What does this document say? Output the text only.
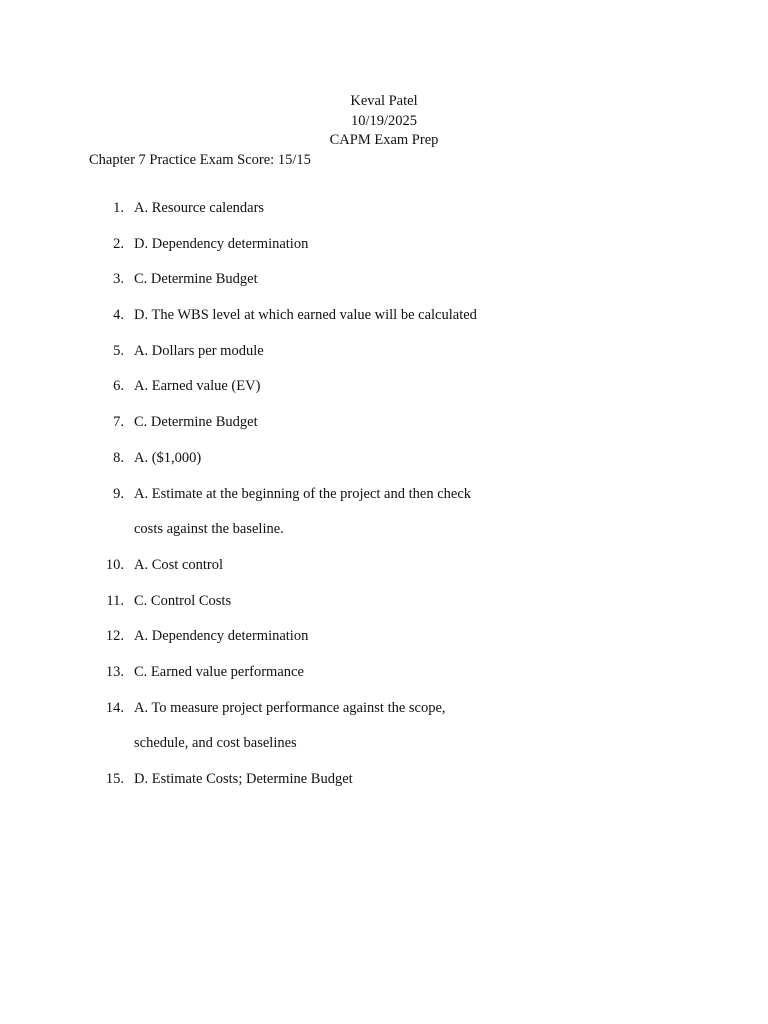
Keval Patel
10/19/2025
CAPM Exam Prep
Chapter 7 Practice Exam Score: 15/15
1. A. Resource calendars
2. D. Dependency determination
3. C. Determine Budget
4. D. The WBS level at which earned value will be calculated
5. A. Dollars per module
6. A. Earned value (EV)
7. C. Determine Budget
8. A. ($1,000)
9. A. Estimate at the beginning of the project and then check
costs against the baseline.
10. A. Cost control
11. C. Control Costs
12. A. Dependency determination
13. C. Earned value performance
14. A. To measure project performance against the scope,
schedule, and cost baselines
15. D. Estimate Costs; Determine Budget
